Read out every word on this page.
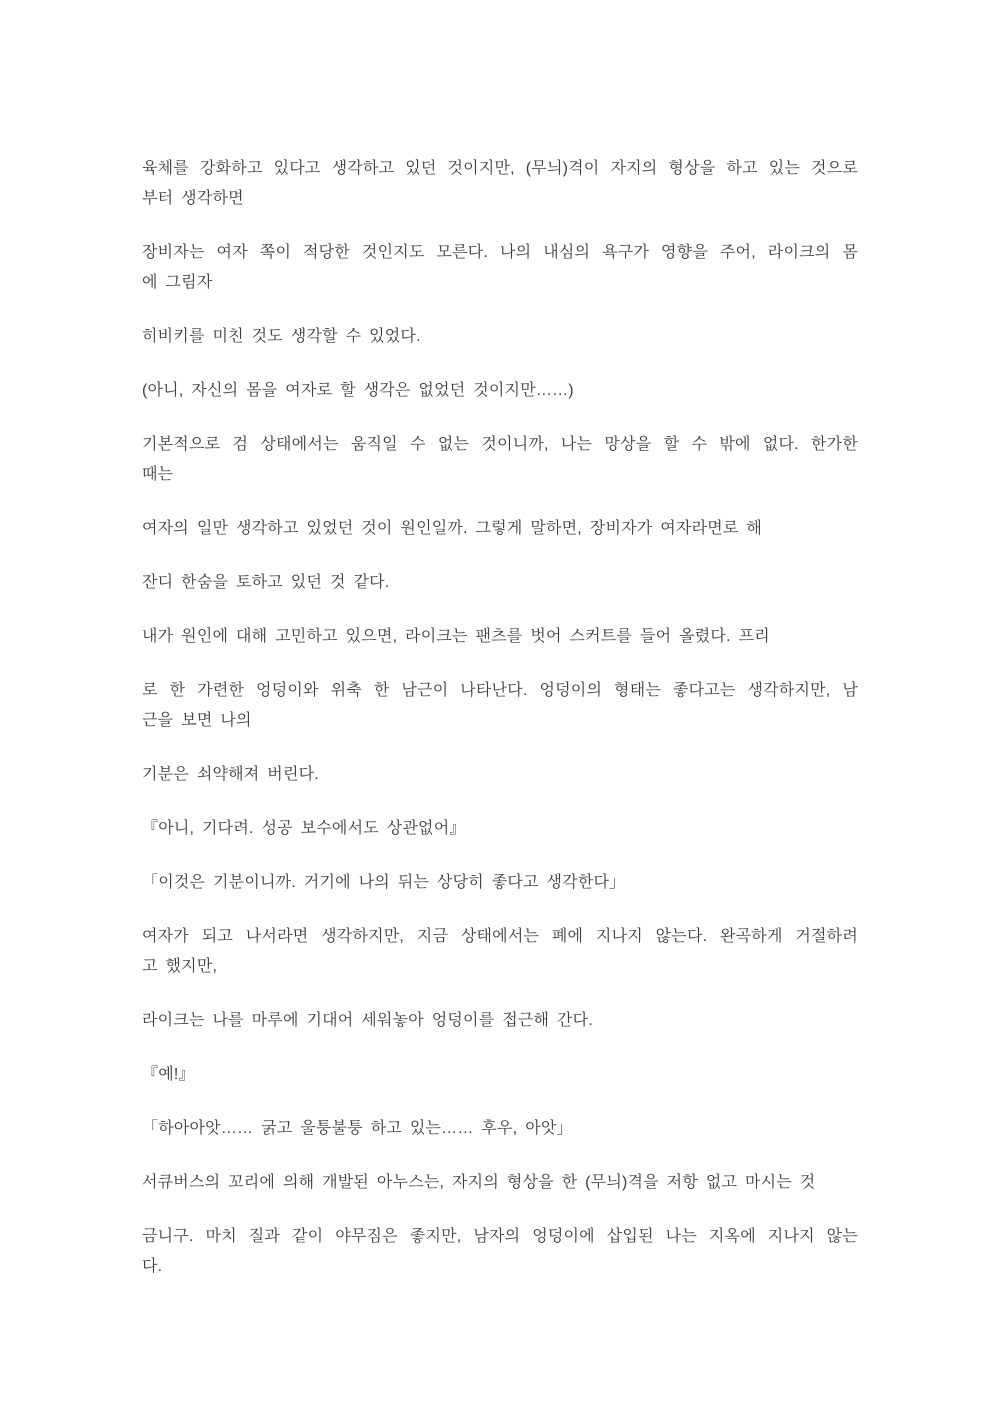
육체를 강화하고 있다고 생각하고 있던 것이지만, (무늬)격이 자지의 형상을 하고 있는 것으로
부터 생각하면

장비자는 여자 쪽이 적당한 것인지도 모른다. 나의 내심의 욕구가 영향을 주어, 라이크의 몸
에 그림자

히비키를 미친 것도 생각할 수 있었다.

(아니, 자신의 몸을 여자로 할 생각은 없었던 것이지만……)

기본적으로 검 상태에서는 움직일 수 없는 것이니까, 나는 망상을 할 수 밖에 없다. 한가한
때는

여자의 일만 생각하고 있었던 것이 원인일까. 그렇게 말하면, 장비자가 여자라면로 해

잔디 한숨을 토하고 있던 것 같다.

내가 원인에 대해 고민하고 있으면, 라이크는 팬츠를 벗어 스커트를 들어 올렸다. 프리

로 한 가련한 엉덩이와 위축 한 남근이 나타난다. 엉덩이의 형태는 좋다고는 생각하지만, 남
근을 보면 나의

기분은 쇠약해져 버린다.

『아니, 기다려. 성공 보수에서도 상관없어』

「이것은 기분이니까. 거기에 나의 뒤는 상당히 좋다고 생각한다」

여자가 되고 나서라면 생각하지만, 지금 상태에서는 폐에 지나지 않는다. 완곡하게 거절하려
고 했지만,

라이크는 나를 마루에 기대어 세워놓아 엉덩이를 접근해 간다.

『예!』

「하아아앗…… 굵고 울퉁불퉁 하고 있는…… 후우, 아앗」

서큐버스의 꼬리에 의해 개발된 아누스는, 자지의 형상을 한 (무늬)격을 저항 없고 마시는 것

금니구. 마치 질과 같이 야무짐은 좋지만, 남자의 엉덩이에 삽입된 나는 지옥에 지나지 않는
다.
